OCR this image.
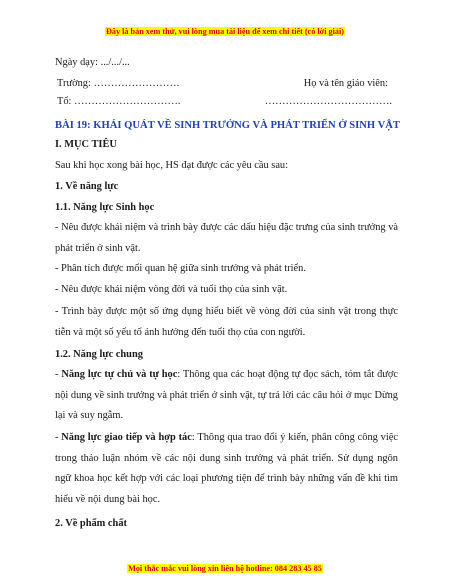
Đây là bản xem thử, vui lòng mua tài liệu để xem chi tiết (có lời giải)
Ngày dạy: .../.../...
Trường: …………………….	Họ và tên giáo viên:
Tổ: ………………………….	……………………………….
BÀI 19: KHÁI QUÁT VỀ SINH TRƯỞNG VÀ PHÁT TRIỂN Ở SINH VẬT
I. MỤC TIÊU
Sau khi học xong bài học, HS đạt được các yêu cầu sau:
1. Về năng lực
1.1. Năng lực Sinh học
- Nêu được khái niệm và trình bày được các dấu hiệu đặc trưng của sinh trưởng và phát triển ở sinh vật.
- Phân tích được mối quan hệ giữa sinh trưởng và phát triển.
- Nêu được khái niệm vòng đời và tuổi thọ của sinh vật.
- Trình bày được một số ứng dụng hiểu biết về vòng đời của sinh vật trong thực tiễn và một số yếu tố ảnh hưởng đến tuổi thọ của con người.
1.2. Năng lực chung
- Năng lực tự chủ và tự học: Thông qua các hoạt động tự đọc sách, tóm tắt được nội dung về sinh trưởng và phát triển ở sinh vật, tự trả lời các câu hỏi ở mục Dừng lại và suy ngẫm.
- Năng lực giao tiếp và hợp tác: Thông qua trao đổi ý kiến, phân công công việc trong thảo luận nhóm về các nội dung sinh trưởng và phát triển. Sử dụng ngôn ngữ khoa học kết hợp với các loại phương tiện để trình bày những vấn đề khi tìm hiểu về nội dung bài học.
2. Về phẩm chất
Mọi thắc mắc vui lòng xin liên hệ hotline: 084 283 45 85
